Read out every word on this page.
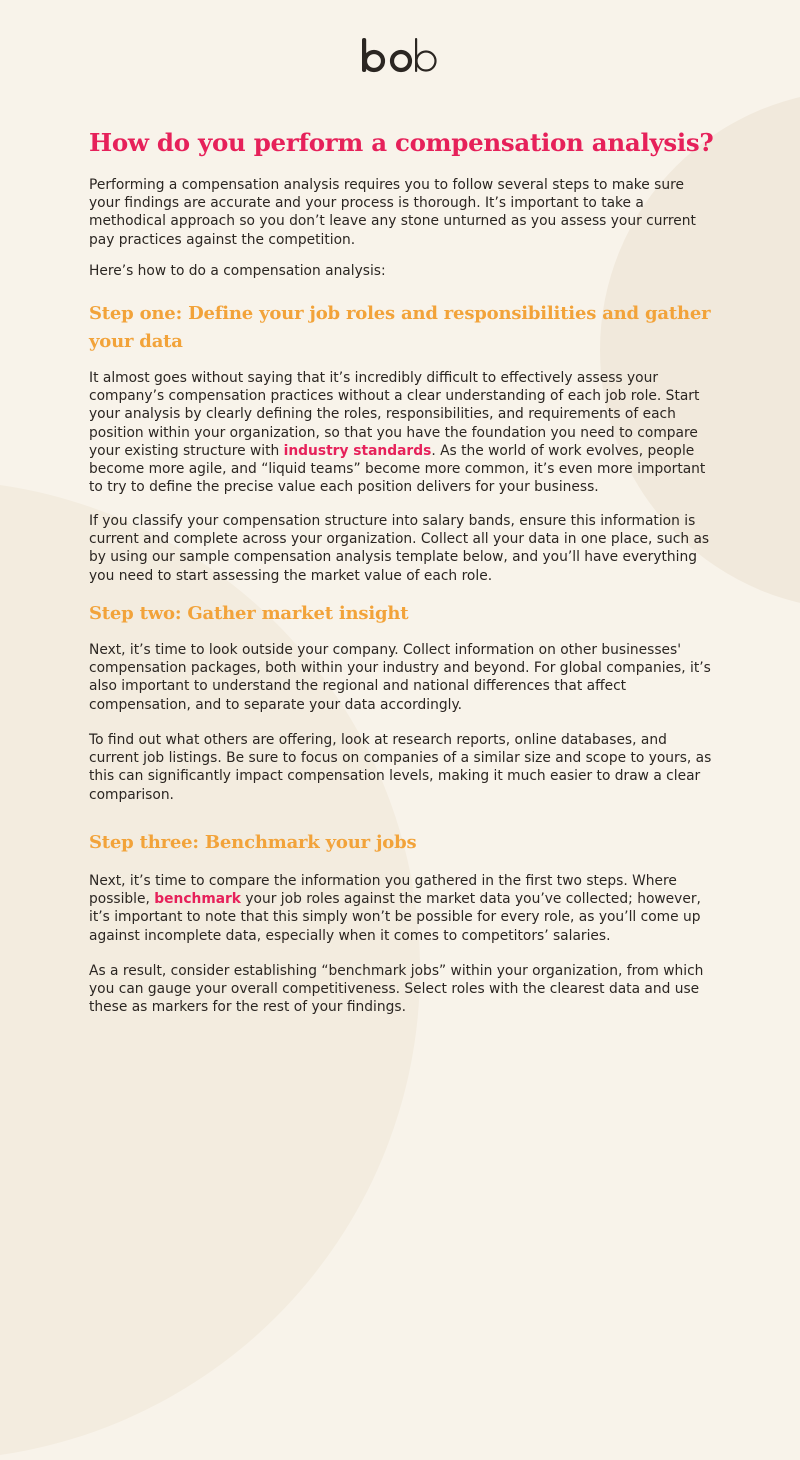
How do you perform a compensation analysis?

Performing a compensation analysis requires you to follow several steps to make sure your findings are accurate and your process is thorough. It’s important to take a methodical approach so you don’t leave any stone unturned as you assess your current pay practices against the competition.

Here’s how to do a compensation analysis:

Step one: Define your job roles and responsibilities and gather your data

It almost goes without saying that it’s incredibly difficult to effectively assess your company’s compensation practices without a clear understanding of each job role. Start your analysis by clearly defining the roles, responsibilities, and requirements of each position within your organization, so that you have the foundation you need to compare your existing structure with industry standards. As the world of work evolves, people become more agile, and “liquid teams” become more common, it’s even more important to try to define the precise value each position delivers for your business.

If you classify your compensation structure into salary bands, ensure this information is current and complete across your organization. Collect all your data in one place, such as by using our sample compensation analysis template below, and you’ll have everything you need to start assessing the market value of each role.

Step two: Gather market insight

Next, it’s time to look outside your company. Collect information on other businesses' compensation packages, both within your industry and beyond. For global companies, it’s also important to understand the regional and national differences that affect compensation, and to separate your data accordingly.

To find out what others are offering, look at research reports, online databases, and current job listings. Be sure to focus on companies of a similar size and scope to yours, as this can significantly impact compensation levels, making it much easier to draw a clear comparison.

Step three: Benchmark your jobs

Next, it’s time to compare the information you gathered in the first two steps. Where possible, benchmark your job roles against the market data you’ve collected; however, it’s important to note that this simply won’t be possible for every role, as you’ll come up against incomplete data, especially when it comes to competitors’ salaries.

As a result, consider establishing “benchmark jobs” within your organization, from which you can gauge your overall competitiveness. Select roles with the clearest data and use these as markers for the rest of your findings.
